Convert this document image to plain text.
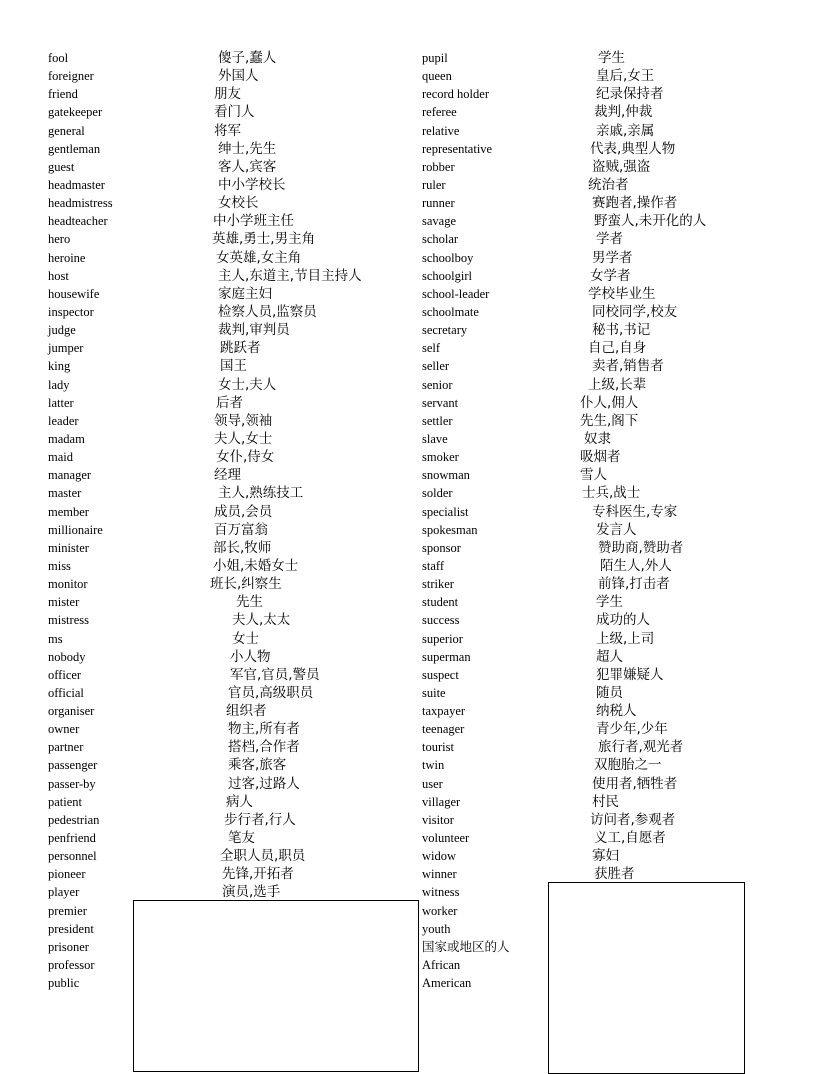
fool
foreigner
friend
gatekeeper
general
gentleman
guest
headmaster
headmistress
headteacher
hero
heroine
host
housewife
inspector
judge
jumper
king
lady
latter
leader
madam
maid
manager
master
member
millionaire
minister
miss
monitor
mister
mistress
ms
nobody
officer
official
organiser
owner
partner
passenger
passer-by
patient
pedestrian
penfriend
personnel
pioneer
player
premier
president
prisoner
professor
public
傻子,蠢人
外国人
朋友
看门人
将军
绅士,先生
客人,宾客
中小学校长
女校长
中小学班主任
英雄,勇士,男主角
女英雄,女主角
主人,东道主,节目主持人
家庭主妇
检察人员,监察员
裁判,审判员
跳跃者
国王
女士,夫人
后者
领导,领袖
夫人,女士
女仆,侍女
经理
主人,熟练技工
成员,会员
百万富翁
部长,牧师
小姐,未婚女士
班长,纠察生
先生
夫人,太太
女士
小人物
军官,官员,警员
官员,高级职员
组织者
物主,所有者
搭档,合作者
乘客,旅客
过客,过路人
病人
步行者,行人
笔友
全职人员,职员
先锋,开拓者
演员,选手
pupil
queen
record holder
referee
relative
representative
robber
ruler
runner
savage
scholar
schoolboy
schoolgirl
school-leader
schoolmate
secretary
self
seller
senior
servant
settler
slave
smoker
snowman
solder
specialist
spokesman
sponsor
staff
striker
student
success
superior
superman
suspect
suite
taxpayer
teenager
tourist
twin
user
villager
visitor
volunteer
widow
winner
witness
worker
youth
国家或地区的人
African
American
学生
皇后,女王
纪录保持者
裁判,仲裁
亲戚,亲属
代表,典型人物
盗贼,强盗
统治者
赛跑者,操作者
野蛮人,未开化的人
学者
男学者
女学者
学校毕业生
同校同学,校友
秘书,书记
自己,自身
卖者,销售者
上级,长辈
仆人,佣人
先生,阁下
奴隶
吸烟者
雪人
士兵,战士
专科医生,专家
发言人
赞助商,赞助者
陌生人,外人
前锋,打击者
学生
成功的人
上级,上司
超人
犯罪嫌疑人
随员
纳税人
青少年,少年
旅行者,观光者
双胞胎之一
使用者,牺牲者
村民
访问者,参观者
义工,自愿者
寡妇
获胜者
